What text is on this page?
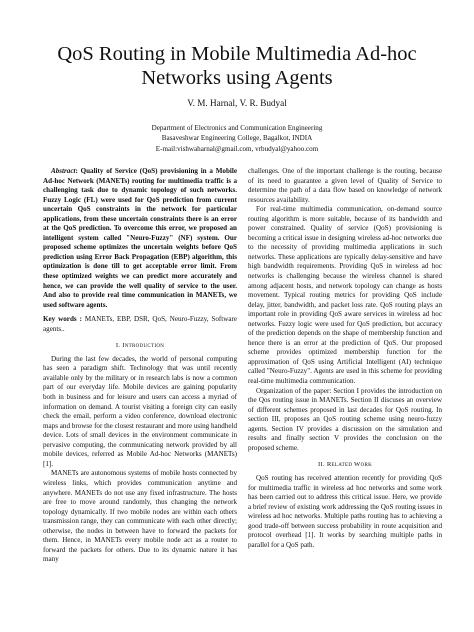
QoS Routing in Mobile Multimedia Ad-hoc Networks using Agents

V. M. Harnal, V. R. Budyal

Department of Electronics and Communication Engineering
Basaveshwar Engineering College, Bagalkot, INDIA
E-mail:vishwaharnal@gmail.com, vrbudyal@yahoo.com

Abstract: Quality of Service (QoS) provisioning in a Mobile Ad-hoc Network (MANETs) routing for multimedia traffic is a challenging task due to dynamic topology of such networks. Fuzzy Logic (FL) were used for QoS prediction from current uncertain QoS constraints in the network for particular applications, from these uncertain constraints there is an error at the QoS prediction. To overcome this error, we proposed an intelligent system called "Neuro-Fuzzy" (NF) system. Our proposed scheme optimizes the uncertain weights before QoS prediction using Error Back Propagation (EBP) algorithm, this optimization is done till to get acceptable error limit. From these optimized weights we can predict more accurately and hence, we can provide the well quality of service to the user. And also to provide real time communication in MANETs, we used software agents.

Key words : MANETs, EBP, DSR, QoS, Neuro-Fuzzy, Software agents..

I. Introduction

During the last few decades, the world of personal computing has seen a paradigm shift. Technology that was until recently available only by the military or in research labs is now a common part of our everyday life. Mobile devices are gaining popularity both in business and for leisure and users can access a myriad of information on demand. A tourist visiting a foreign city can easily check the email, perform a video conference, download electronic maps and browse for the closest restaurant and more using handheld device. Lots of small devices in the environment communicate in pervasive computing, the communicating network provided by all mobile devices, referred as Mobile Ad-hoc Networks (MANETs)[1].

MANETs are autonomous systems of mobile hosts connected by wireless links, which provides communication anytime and anywhere. MANETs do not use any fixed infrastructure. The hosts are free to move around randomly, thus changing the network topology dynamically. If two mobile nodes are within each others transmission range, they can communicate with each other directly; otherwise, the nodes in between have to forward the packets for them. Hence, in MANETs every mobile node act as a router to forward the packets for others. Due to its dynamic nature it has many

challenges. One of the important challenge is the routing, because of its need to guarantee a given level of Quality of Service to determine the path of a data flow based on knowledge of network resources availability.

For real-time multimedia communication, on-demand source routing algorithm is more suitable, because of its bandwidth and power constrained. Quality of service (QoS) provisioning is becoming a critical issue in designing wireless ad-hoc networks due to the necessity of providing multimedia applications in such networks. These applications are typically delay-sensitive and have high bandwidth requirements. Providing QoS in wireless ad hoc networks is challenging because the wireless channel is shared among adjacent hosts, and network topology can change as hosts movement. Typical routing metrics for providing QoS include delay, jitter, bandwidth, and packet loss rate. QoS routing plays an important role in providing QoS aware services in wireless ad hoc networks. Fuzzy logic were used for QoS prediction, but accuracy of the prediction depends on the shape of membership function and hence there is an error at the prediction of QoS. Our proposed scheme provides optimized membership function for the approximation of QoS using Artificial Intelligent (AI) technique called "Neuro-Fuzzy". Agents are used in this scheme for providing real-time multimedia communication.

Organization of the paper: Section I provides the introduction on the Qos routing issue in MANETs. Section II discuses an overview of different schemes proposed in last decades for QoS routing. In section III, proposes an QoS routing scheme using neuro-fuzzy agents. Section IV provides a discussion on the simulation and results and finally section V provides the conclusion on the proposed scheme.

II. Related Work

QoS routing has received attention recently for providing QoS for multimedia traffic in wireless ad hoc networks and some work has been carried out to address this critical issue. Here, we provide a brief review of existing work addressing the QoS routing issues in wireless ad hoc networks. Multiple paths routing has to achieving a good trade-off between success probability in route acquisition and protocol overhead [1]. It works by searching multiple paths in parallel for a QoS path.
